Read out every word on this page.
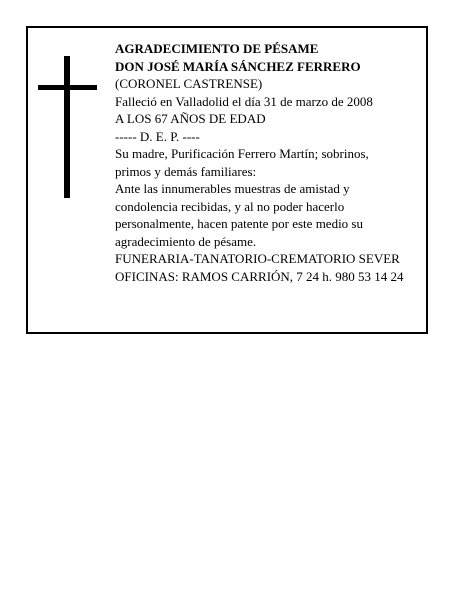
AGRADECIMIENTO DE PÉSAME
DON JOSÉ MARÍA SÁNCHEZ FERRERO
(CORONEL CASTRENSE)
Falleció en Valladolid el día 31 de marzo de 2008
A LOS 67 AÑOS DE EDAD
----- D. E. P. ----
Su madre, Purificación Ferrero Martín; sobrinos,
primos y demás familiares:
Ante las innumerables muestras de amistad y
condolencia recibidas, y al no poder hacerlo
personalmente, hacen patente por este medio su
agradecimiento de pésame.
FUNERARIA-TANATORIO-CREMATORIO SEVER
OFICINAS: RAMOS CARRIÓN, 7 24 h. 980 53 14 24
